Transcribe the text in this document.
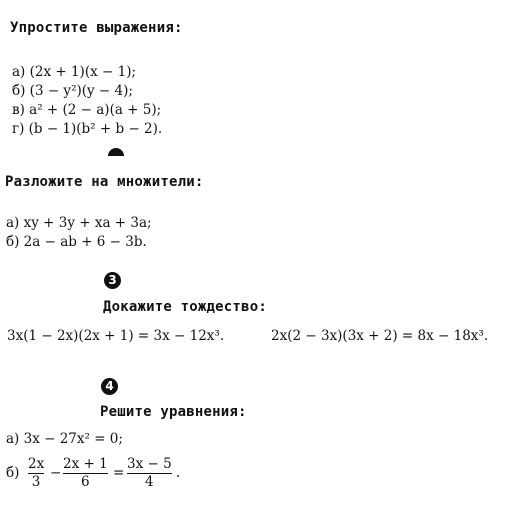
Упростите выражения:
а) (2x + 1)(x − 1);
б) (3 − y²)(y − 4);
в) a² + (2 − a)(a + 5);
г) (b − 1)(b² + b − 2).
Разложите на множители:
а) xy + 3y + xa + 3a;
б) 2a − ab + 6 − 3b.
3
Докажите тождество:
3x(1 − 2x)(2x + 1) = 3x − 12x³.	2x(2 − 3x)(3x + 2) = 8x − 18x³.
4
Решите уравнения:
а) 3x − 27x² = 0;
б)
2x
3
−
2x + 1
6
=
3x − 5
4
.
